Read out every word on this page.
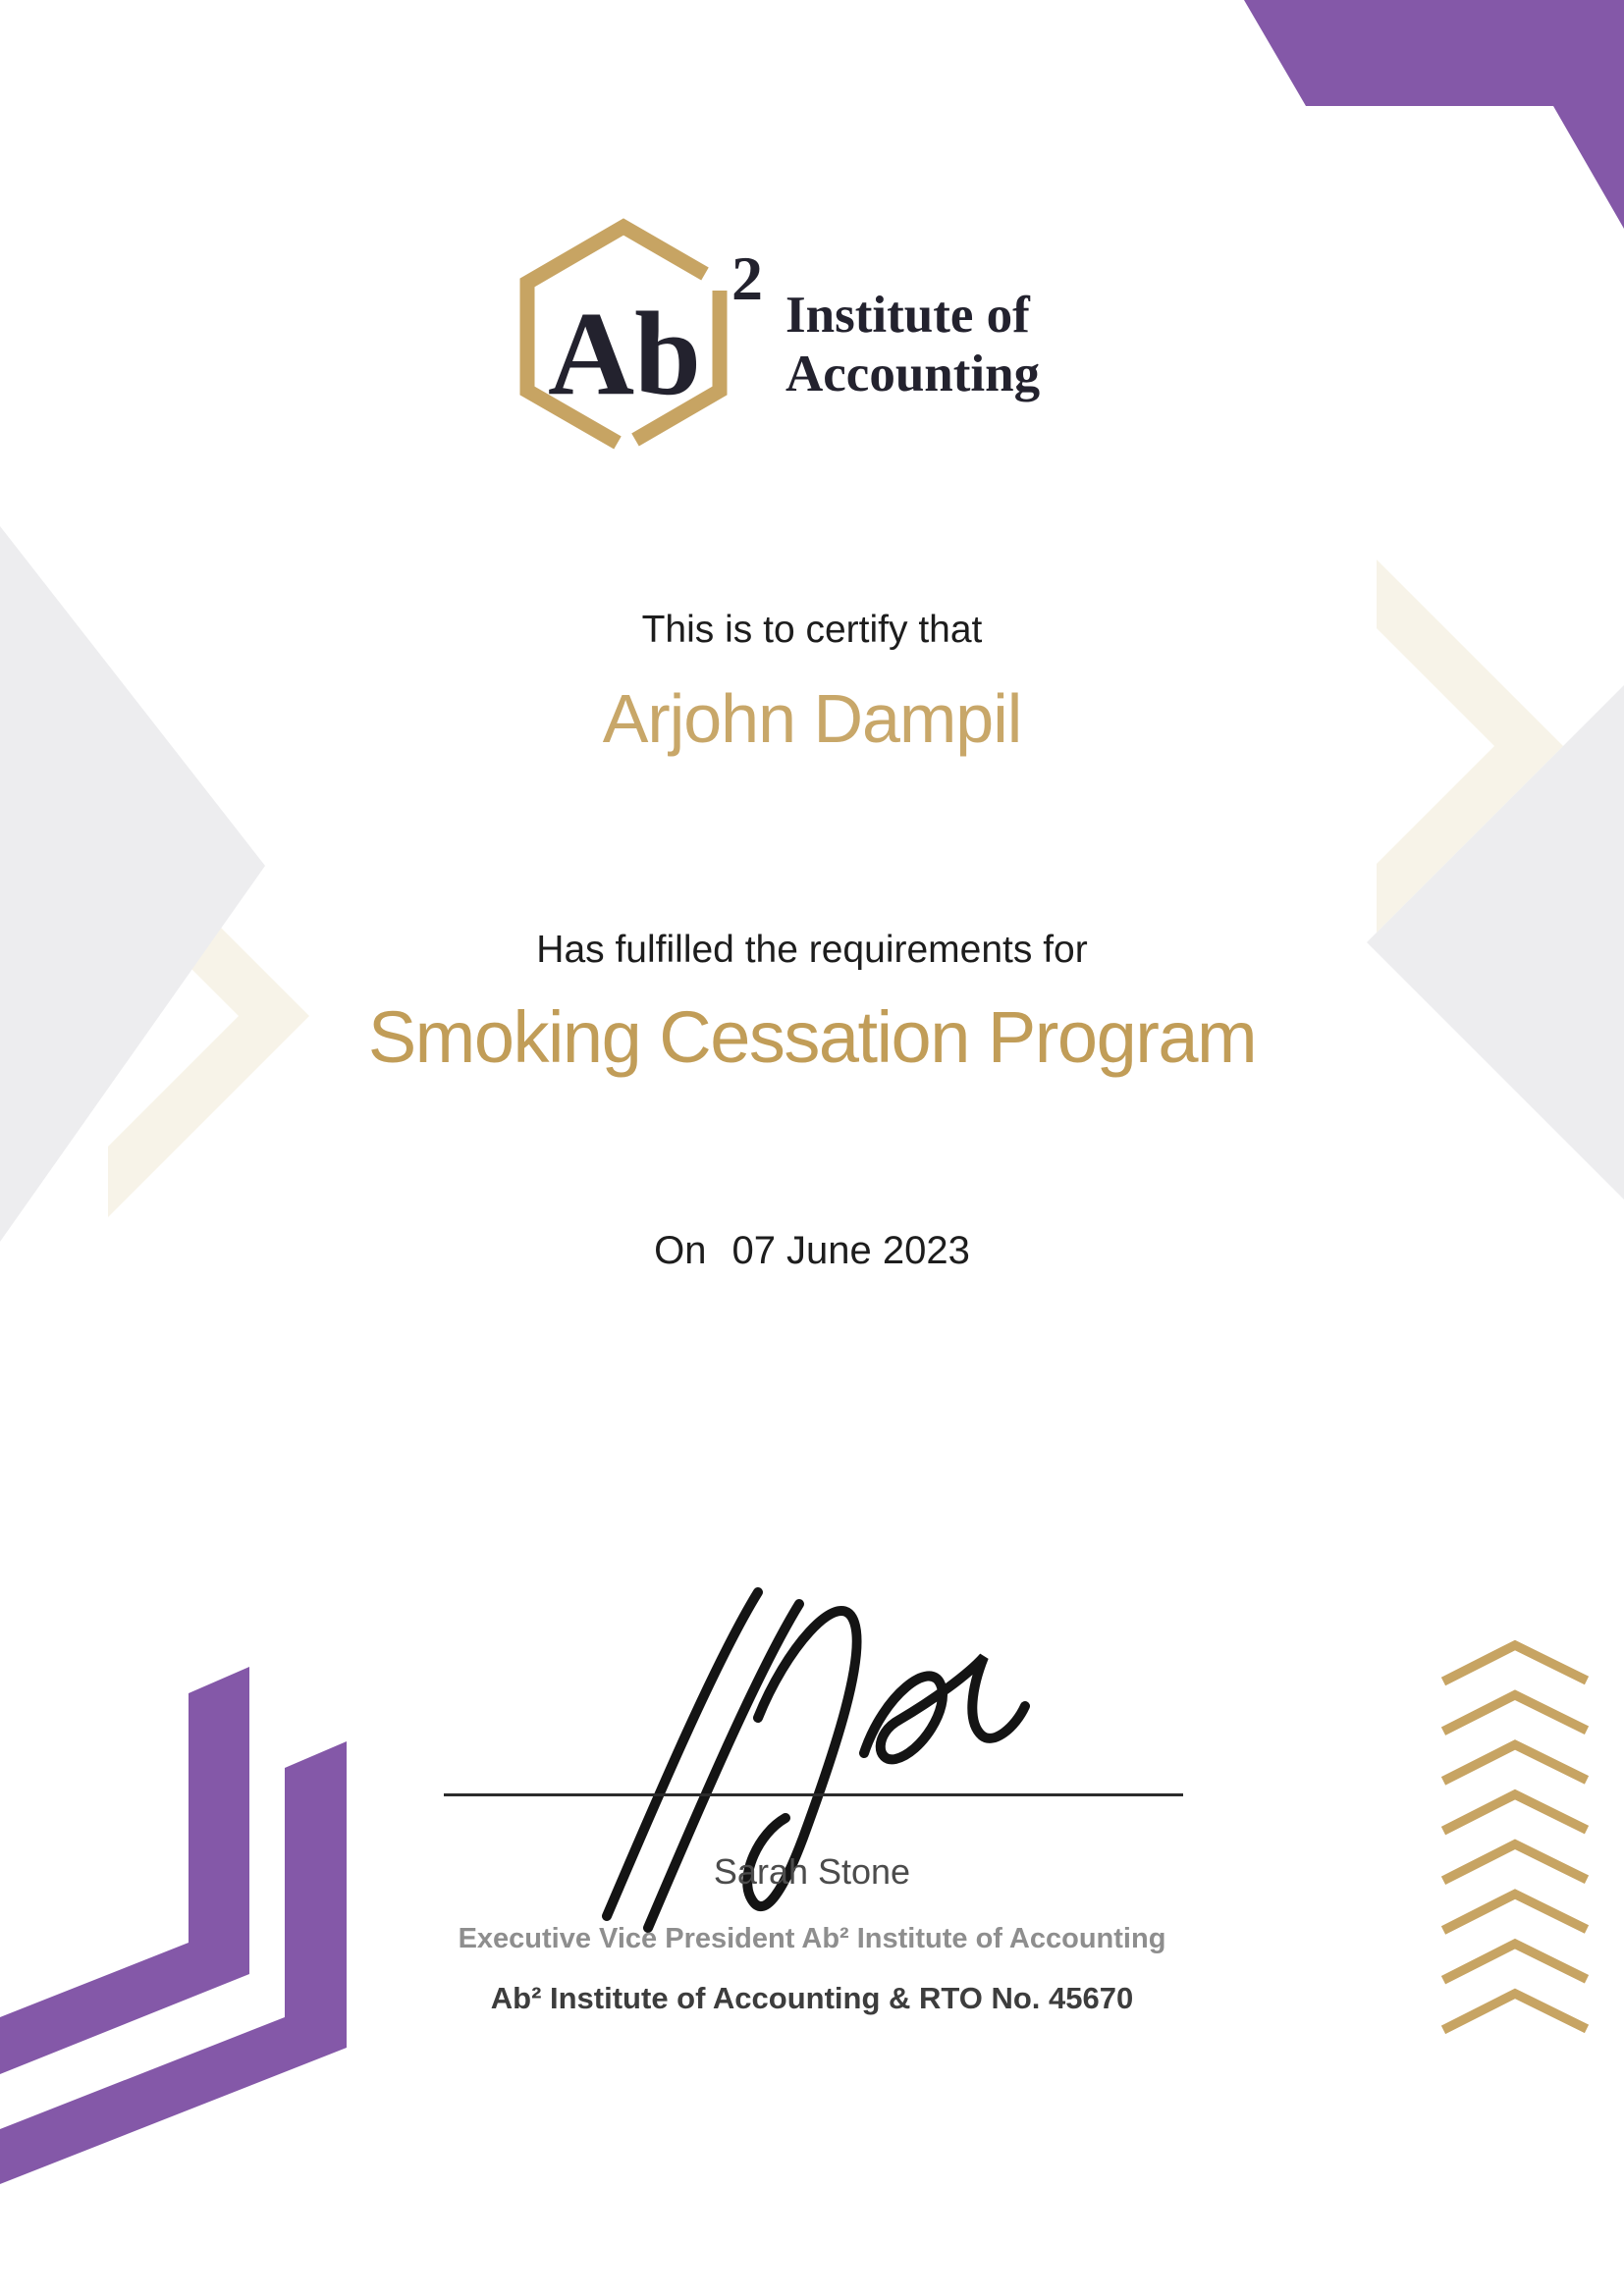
Ab
2
Institute of
Accounting
This is to certify that
Arjohn Dampil
Has fulfilled the requirements for
Smoking Cessation Program
On 07 June 2023
Sarah Stone
Executive Vice President Ab² Institute of Accounting
Ab² Institute of Accounting & RTO No. 45670
